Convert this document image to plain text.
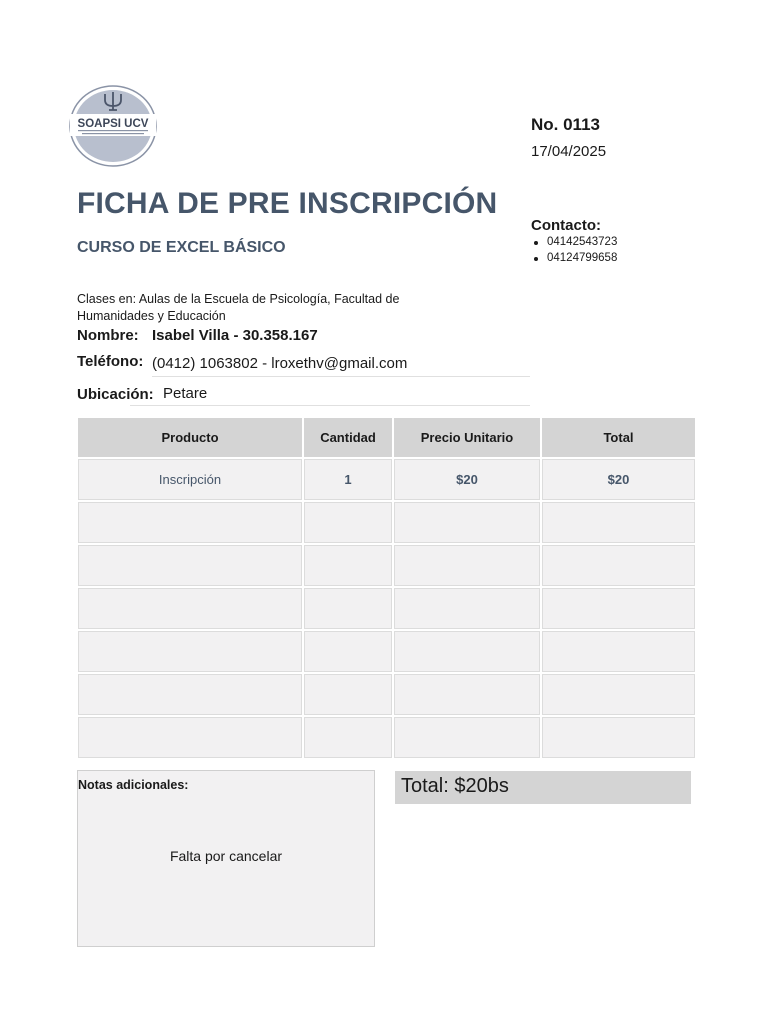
SOAPSI UCV	No. 0113
17/04/2025
Contacto:
04142543723
04124799658
FICHA DE PRE INSCRIPCIÓN
CURSO DE EXCEL BÁSICO
Clases en: Aulas de la Escuela de Psicología, Facultad de Humanidades y Educación
Nombre: Isabel Villa - 30.358.167
Teléfono: (0412) 1063802 - lroxethv@gmail.com
Ubicación: Petare
Producto	Cantidad	Precio Unitario	Total
Inscripción	1	$20	$20

Notas adicionales:
Falta por cancelar
Total: $20bs
